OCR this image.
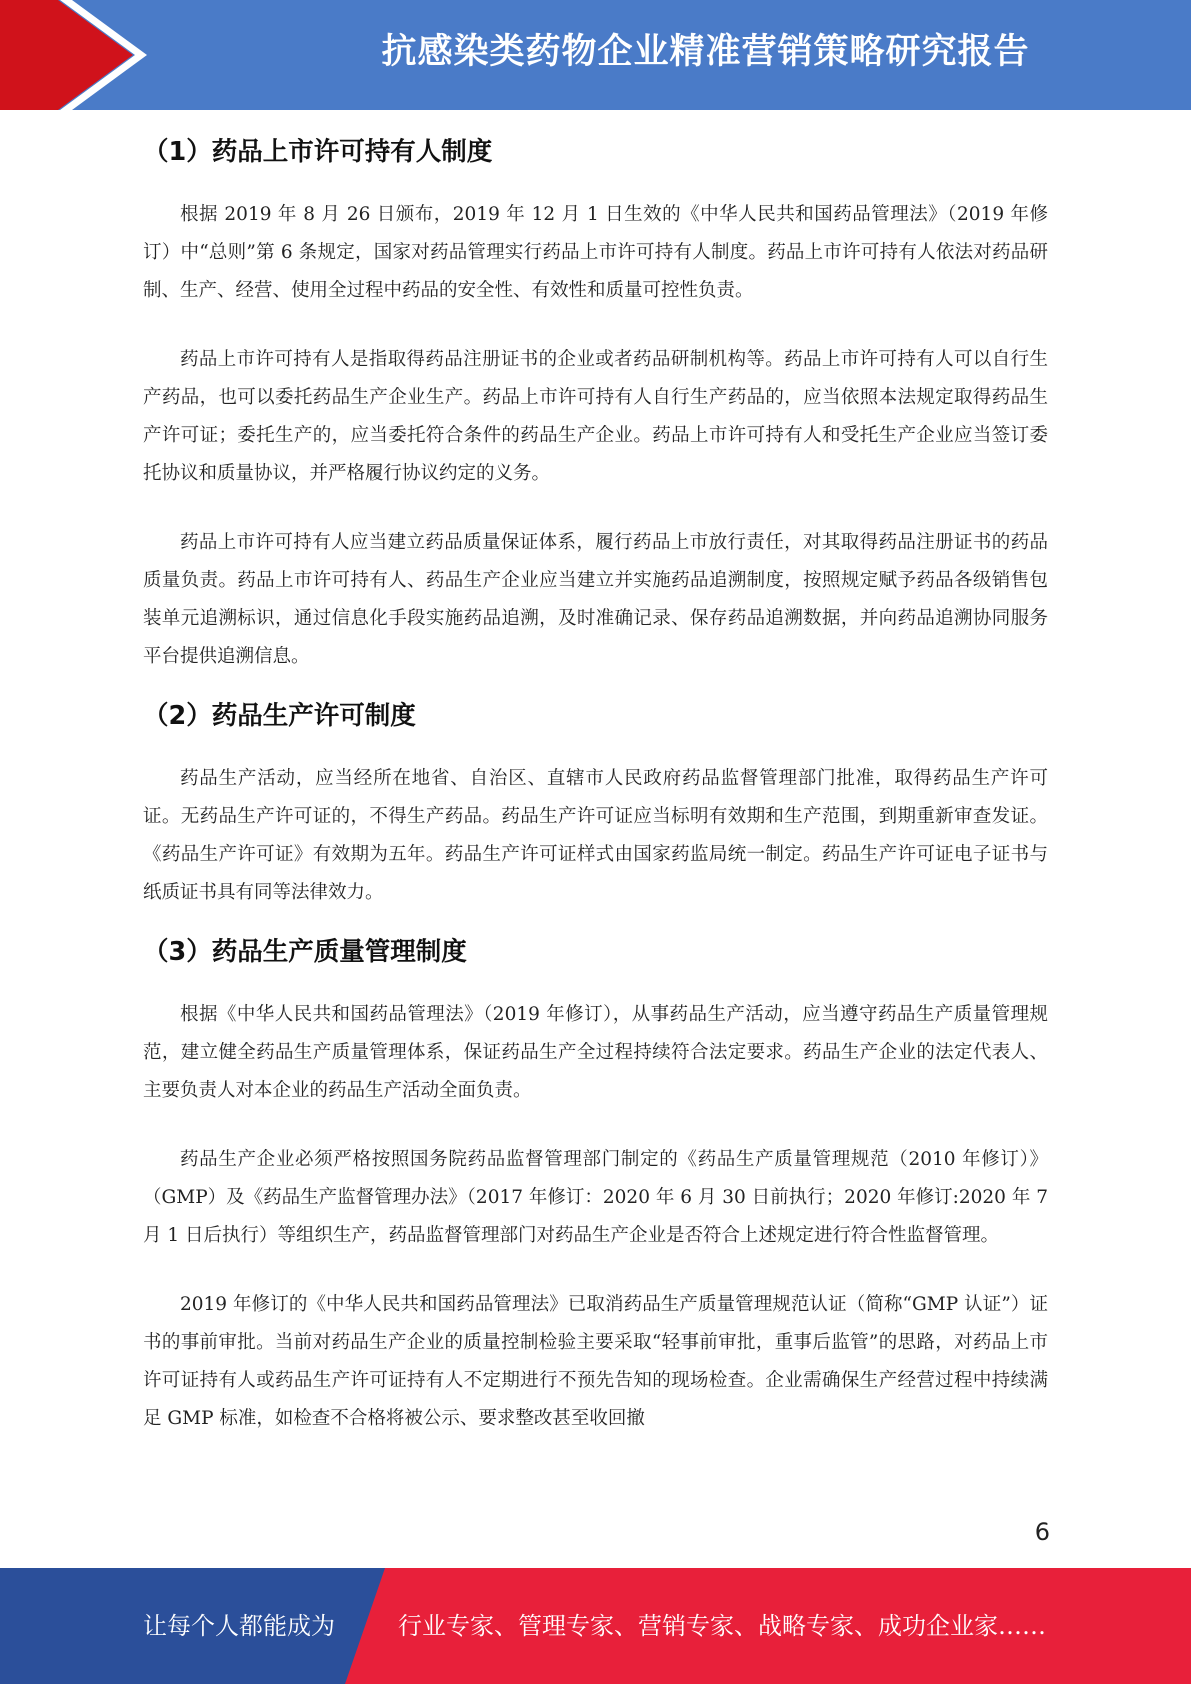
抗感染类药物企业精准营销策略研究报告
（1）药品上市许可持有人制度

根据 2019 年 8 月 26 日颁布，2019 年 12 月 1 日生效的《中华人民共和国药品管理法》（2019 年修订）中“总则”第 6 条规定，国家对药品管理实行药品上市许可持有人制度。药品上市许可持有人依法对药品研制、生产、经营、使用全过程中药品的安全性、有效性和质量可控性负责。

药品上市许可持有人是指取得药品注册证书的企业或者药品研制机构等。药品上市许可持有人可以自行生产药品，也可以委托药品生产企业生产。药品上市许可持有人自行生产药品的，应当依照本法规定取得药品生产许可证；委托生产的，应当委托符合条件的药品生产企业。药品上市许可持有人和受托生产企业应当签订委托协议和质量协议，并严格履行协议约定的义务。

药品上市许可持有人应当建立药品质量保证体系，履行药品上市放行责任，对其取得药品注册证书的药品质量负责。药品上市许可持有人、药品生产企业应当建立并实施药品追溯制度，按照规定赋予药品各级销售包装单元追溯标识，通过信息化手段实施药品追溯，及时准确记录、保存药品追溯数据，并向药品追溯协同服务平台提供追溯信息。

（2）药品生产许可制度

药品生产活动，应当经所在地省、自治区、直辖市人民政府药品监督管理部门批准，取得药品生产许可证。无药品生产许可证的，不得生产药品。药品生产许可证应当标明有效期和生产范围，到期重新审查发证。《药品生产许可证》有效期为五年。药品生产许可证样式由国家药监局统一制定。药品生产许可证电子证书与纸质证书具有同等法律效力。

（3）药品生产质量管理制度

根据《中华人民共和国药品管理法》（2019 年修订），从事药品生产活动，应当遵守药品生产质量管理规范，建立健全药品生产质量管理体系，保证药品生产全过程持续符合法定要求。药品生产企业的法定代表人、主要负责人对本企业的药品生产活动全面负责。

药品生产企业必须严格按照国务院药品监督管理部门制定的《药品生产质量管理规范（2010 年修订）》（GMP）及《药品生产监督管理办法》（2017 年修订：2020 年 6 月 30 日前执行；2020 年修订:2020 年 7 月 1 日后执行）等组织生产，药品监督管理部门对药品生产企业是否符合上述规定进行符合性监督管理。

2019 年修订的《中华人民共和国药品管理法》已取消药品生产质量管理规范认证（简称“GMP 认证”）证书的事前审批。当前对药品生产企业的质量控制检验主要采取“轻事前审批，重事后监管”的思路，对药品上市许可证持有人或药品生产许可证持有人不定期进行不预先告知的现场检查。企业需确保生产经营过程中持续满足 GMP 标准，如检查不合格将被公示、要求整改甚至收回撤

6
让每个人都能成为	行业专家、管理专家、营销专家、战略专家、成功企业家……
